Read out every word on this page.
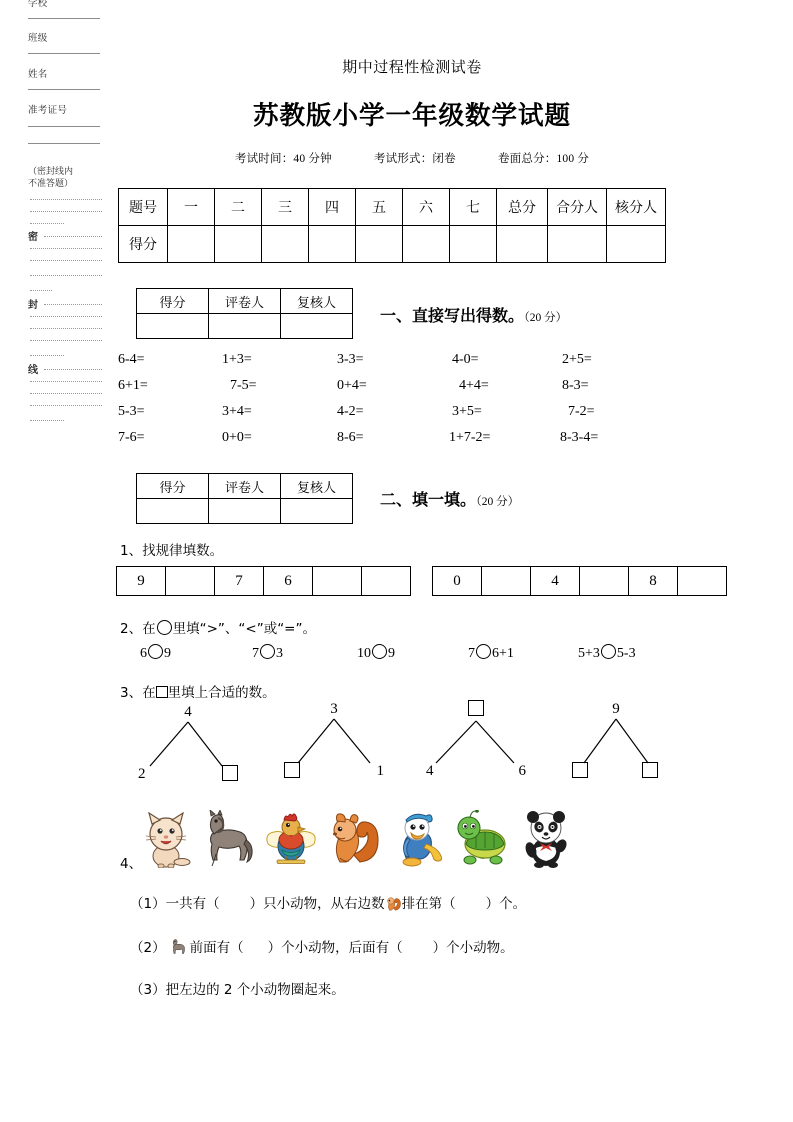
学校
班级
姓名
准考证号
（密封线内
不准答题）
密
封
线
期中过程性检测试卷
苏教版小学一年级数学试题
考试时间：40 分钟	考试形式：闭卷	卷面总分：100 分
题号	一	二	三	四	五	六	七	总分	合分人	核分人
得分										
得分	评卷人	复核人

一、直接写出得数。（20 分）
6-4=	1+3=	3-3=	4-0=	2+5=
6+1=	7-5=	0+4=	4+4=	8-3=
5-3=	3+4=	4-2=	3+5=	7-2=
7-6=	0+0=	8-6=	1+7-2=	8-3-4=
得分	评卷人	复核人

二、填一填。（20 分）
1、找规律填数。
9		7	6			0		4		8	
2、在 里填“>”、“<”或“=”。
6 9	7 3	10 9	7 6+1	5+3 5-3
3、在 里填上合适的数。
4
2
3
1	4	6
9
4、
（1）一共有（ ）只小动物，从右边数 排在第（ ）个。
（2） 前面有（ ）个小动物，后面有（ ）个小动物。
（3）把左边的 2 个小动物圈起来。
